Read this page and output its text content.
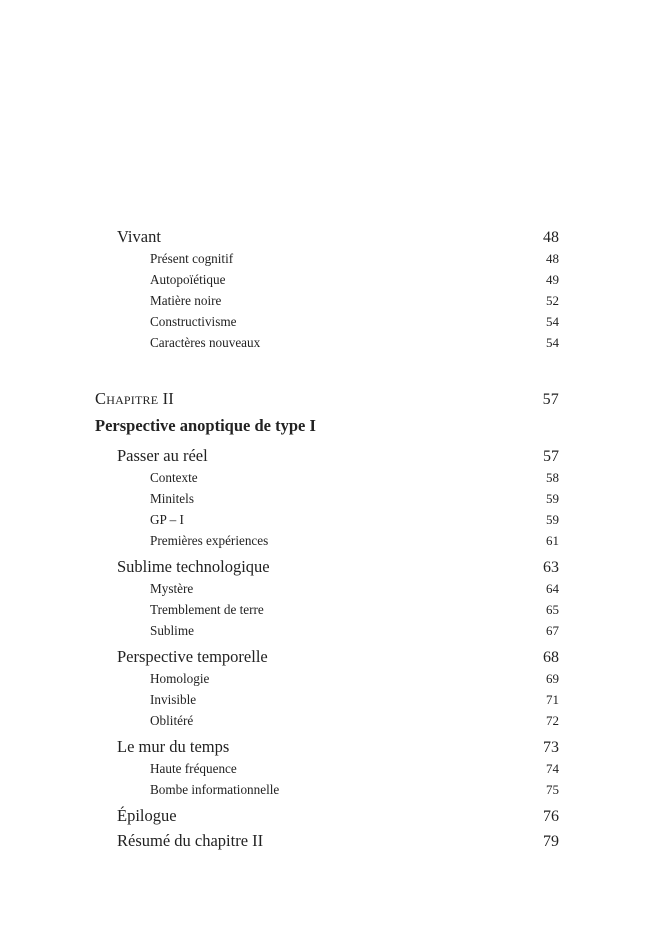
Vivant	48
Présent cognitif	48
Autopoïétique	49
Matière noire	52
Constructivisme	54
Caractères nouveaux	54
Chapitre II	57
Perspective anoptique de type I
Passer au réel	57
Contexte	58
Minitels	59
GP – I	59
Premières expériences	61
Sublime technologique	63
Mystère	64
Tremblement de terre	65
Sublime	67
Perspective temporelle	68
Homologie	69
Invisible	71
Oblitéré	72
Le mur du temps	73
Haute fréquence	74
Bombe informationnelle	75
Épilogue	76
Résumé du chapitre II	79
